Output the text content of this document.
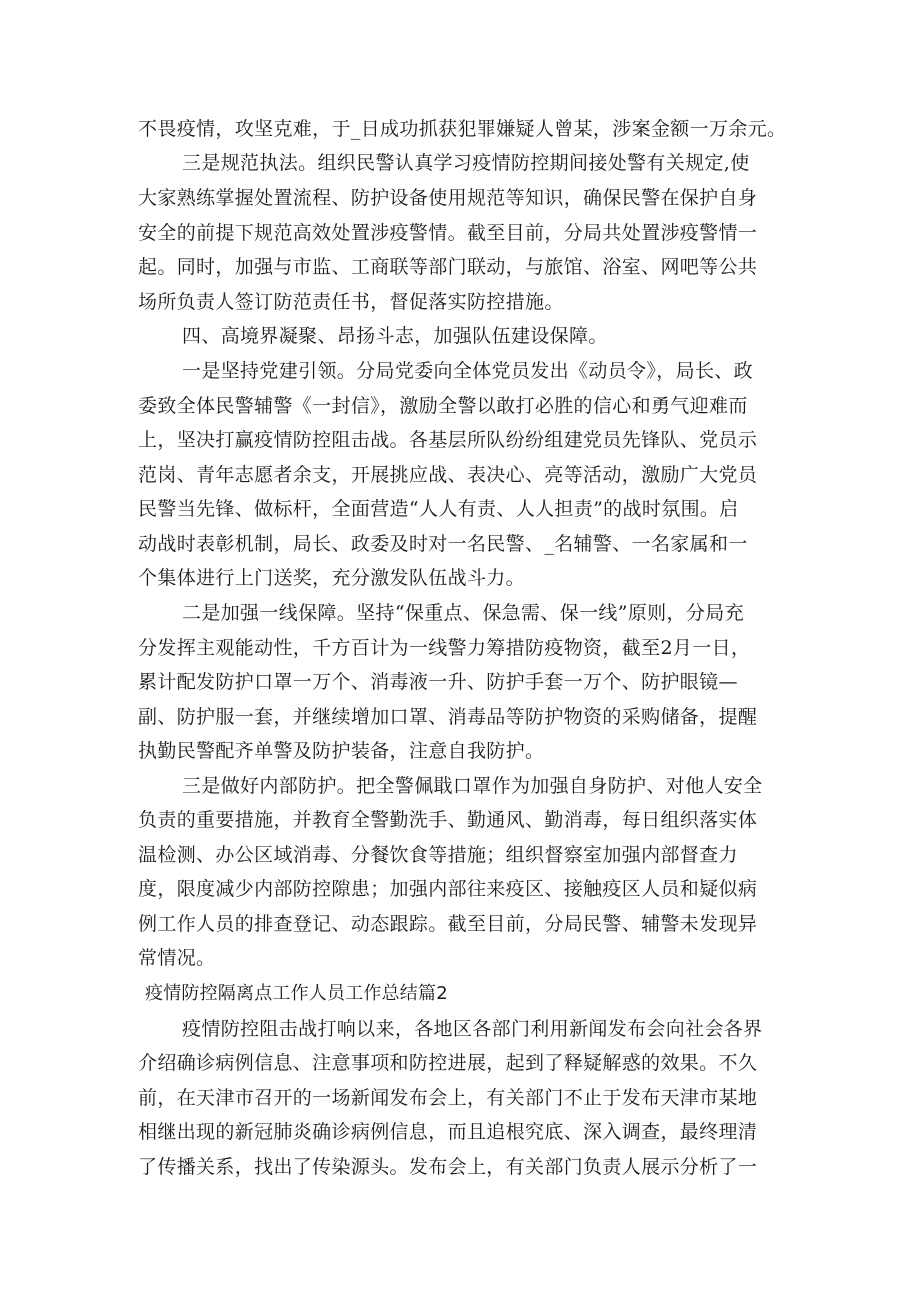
不畏疫情，攻坚克难，于_日成功抓获犯罪嫌疑人曾某，涉案金额一万余元。
三是规范执法。组织民警认真学习疫情防控期间接处警有关规定,使
大家熟练掌握处置流程、防护设备使用规范等知识，确保民警在保护自身
安全的前提下规范高效处置涉疫警情。截至目前，分局共处置涉疫警情一
起。同时，加强与市监、工商联等部门联动，与旅馆、浴室、网吧等公共
场所负责人签订防范责任书，督促落实防控措施。
四、高境界凝聚、昂扬斗志，加强队伍建设保障。
一是坚持党建引领。分局党委向全体党员发出《动员令》，局长、政
委致全体民警辅警《一封信》，激励全警以敢打必胜的信心和勇气迎难而
上，坚决打赢疫情防控阻击战。各基层所队纷纷组建党员先锋队、党员示
范岗、青年志愿者余支，开展挑应战、表决心、亮等活动，激励广大党员
民警当先锋、做标杆，全面营造“人人有责、人人担责”的战时氛围。启
动战时表彰机制，局长、政委及时对一名民警、_名辅警、一名家属和一
个集体进行上门送奖，充分激发队伍战斗力。
二是加强一线保障。坚持“保重点、保急需、保一线”原则，分局充
分发挥主观能动性，千方百计为一线警力筹措防疫物资，截至2月一日，
累计配发防护口罩一万个、消毒液一升、防护手套一万个、防护眼镜—
副、防护服一套，并继续增加口罩、消毒品等防护物资的采购储备，提醒
执勤民警配齐单警及防护装备，注意自我防护。
三是做好内部防护。把全警佩戢口罩作为加强自身防护、对他人安全
负责的重要措施，并教育全警勤洗手、勤通风、勤消毒，每日组织落实体
温检测、办公区域消毒、分餐饮食等措施；组织督察室加强内部督查力
度，限度减少内部防控隙患；加强内部往来疫区、接触疫区人员和疑似病
例工作人员的排查登记、动态跟踪。截至目前，分局民警、辅警未发现异
常情况。
疫情防控隔离点工作人员工作总结篇2
疫情防控阻击战打响以来，各地区各部门利用新闻发布会向社会各界
介绍确诊病例信息、注意事项和防控进展，起到了释疑解惑的效果。不久
前，在天津市召开的一场新闻发布会上，有关部门不止于发布天津市某地
相继出现的新冠肺炎确诊病例信息，而且追根究底、深入调查，最终理清
了传播关系，找出了传染源头。发布会上，有关部门负责人展示分析了一
